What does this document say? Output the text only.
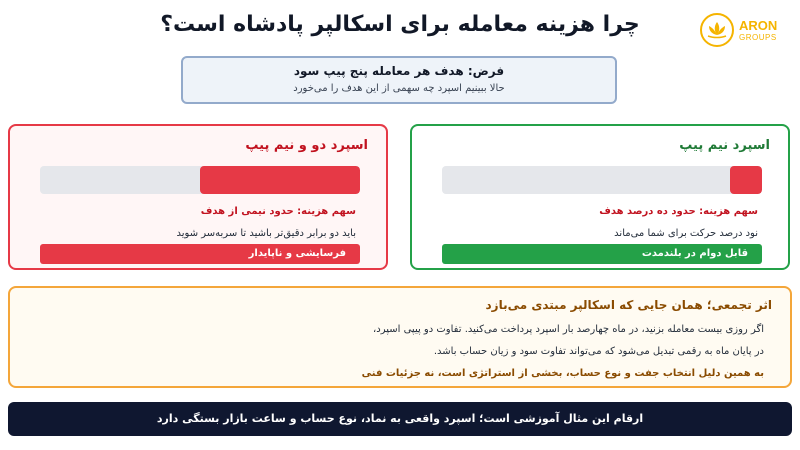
چرا هزینه معامله برای اسکالپر پادشاه است؟	ARON
GROUPS
فرض: هدف هر معامله پنج پیپ سود
حالا ببینیم اسپرد چه سهمی از این هدف را می‌خورد
اسپرد نیم پیپ
سهم هزینه: حدود ده درصد هدف
نود درصد حرکت برای شما می‌ماند
قابل دوام در بلندمدت
اسپرد دو و نیم پیپ
سهم هزینه: حدود نیمی از هدف
باید دو برابر دقیق‌تر باشید تا سربه‌سر شوید
فرسایشی و ناپایدار
اثر تجمعی؛ همان جایی که اسکالپر مبتدی می‌بازد
اگر روزی بیست معامله بزنید، در ماه چهارصد بار اسپرد پرداخت می‌کنید. تفاوت دو پیپی اسپرد،
در پایان ماه به رقمی تبدیل می‌شود که می‌تواند تفاوت سود و زیان حساب باشد.
به همین دلیل انتخاب جفت و نوع حساب، بخشی از استراتژی است، نه جزئیات فنی
ارقام این مثال آموزشی است؛ اسپرد واقعی به نماد، نوع حساب و ساعت بازار بستگی دارد
